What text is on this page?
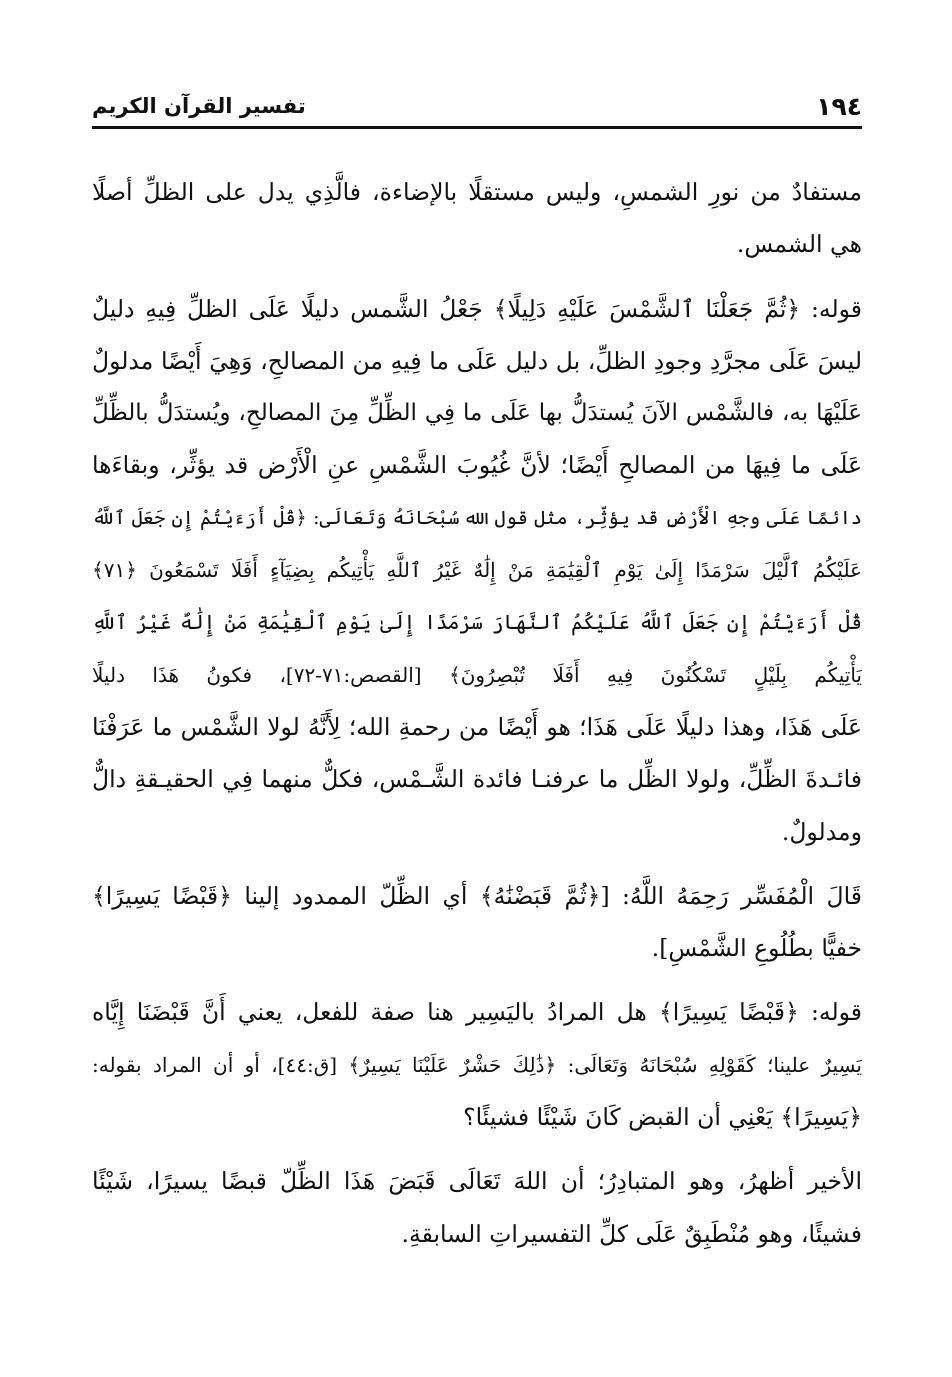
١٩٤
تفسير القرآن الكريم

مستفادٌ من نورِ الشمسِ، وليس مستقلًا بالإضاءة، فالَّذِي يدل على الظلِّ أصلًا
هي الشمس.

قوله: ﴿ثُمَّ جَعَلْنَا ٱلشَّمْسَ عَلَيْهِ دَلِيلًا﴾ جَعْلُ الشَّمس دليلًا عَلَى الظلِّ فِيهِ دليلٌ
ليسَ عَلَى مجرَّدِ وجودِ الظلِّ، بل دليل عَلَى ما فِيهِ من المصالحِ، وَهِيَ أَيْضًا مدلولٌ
عَلَيْهَا به، فالشَّمْس الآنَ يُستدَلُّ بها عَلَى ما فِي الظِّلِّ مِنَ المصالحِ، ويُستدَلُّ بالظِّلِّ
عَلَى ما فِيهَا من المصالحِ أَيْضًا؛ لأنَّ غُيُوبَ الشَّمْسِ عنِ الْأَرْض قد يؤثِّر، وبقاءَها
دائمًا عَلَى وجهِ الْأَرْضِ قد يؤثِّر، مثل قول الله سُبْحَانَهُ وَتَعَالَى: ﴿قُلْ أَرَءَيْتُمْ إِن جَعَلَ ٱللَّهُ
عَلَيْكُمُ ٱلَّيْلَ سَرْمَدًا إِلَىٰ يَوْمِ ٱلْقِيَٰمَةِ مَنْ إِلَٰهٌ غَيْرُ ٱللَّهِ يَأْتِيكُم بِضِيَآءٍ أَفَلَا تَسْمَعُونَ ﴿٧١﴾
قُلْ أَرَءَيْتُمْ إِن جَعَلَ ٱللَّهُ عَلَيْكُمُ ٱلنَّهَارَ سَرْمَدًا إِلَىٰ يَوْمِ ٱلْقِيَٰمَةِ مَنْ إِلَٰهٌ غَيْرُ ٱللَّهِ
يَأْتِيكُم بِلَيْلٍ تَسْكُنُونَ فِيهِ أَفَلَا تُبْصِرُونَ﴾ [القصص:٧١-٧٢]، فكونُ هَذَا دليلًا
عَلَى هَذَا، وهذا دليلًا عَلَى هَذَا؛ هو أَيْضًا من رحمةِ الله؛ لِأَنَّهُ لولا الشَّمْس ما عَرَفْنَا
فائـدةَ الظِّلِّ، ولولا الظِّل ما عرفنـا فائدة الشَّـمْس، فكلٌّ منهما فِي الحقيـقةِ دالٌّ
ومدلولٌ.

قَالَ الْمُفَسِّر رَحِمَهُ اللَّهُ: [﴿ثُمَّ قَبَضْنَٰهُ﴾ أي الظِّلّ الممدود إلينا ﴿قَبْضًا يَسِيرًا﴾
خفيًّا بطُلُوعِ الشَّمْسِ].

قوله: ﴿قَبْضًا يَسِيرًا﴾ هل المرادُ باليَسِير هنا صفة للفعل، يعني أَنَّ قَبْضَنَا إِيَّاه
يَسِيرٌ علينا؛ كَقَوْلِهِ سُبْحَانَهُ وَتَعَالَى: ﴿ذَٰلِكَ حَشْرٌ عَلَيْنَا يَسِيرٌ﴾ [ق:٤٤]، أو أن المراد بقوله:
﴿يَسِيرًا﴾ يَعْنِي أن القبض كَانَ شَيْئًا فشيئًا؟

الأخير أظهرُ، وهو المتبادِرُ؛ أن اللهَ تَعَالَى قَبَضَ هَذَا الظِّلّ قبضًا يسيرًا، شَيْئًا
فشيئًا، وهو مُنْطَبِقٌ عَلَى كلِّ التفسيراتِ السابقةِ.
